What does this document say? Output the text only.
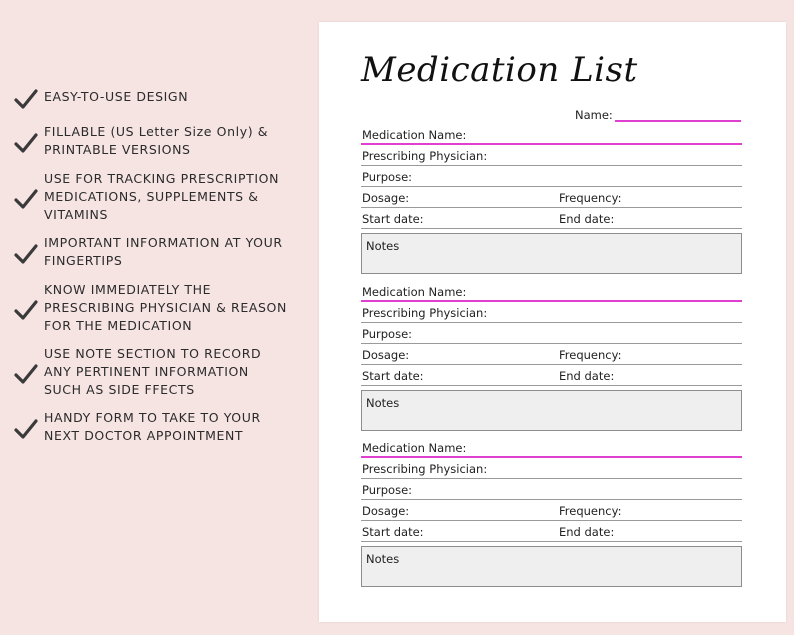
EASY-TO-USE DESIGN
FILLABLE (US Letter Size Only) &
PRINTABLE VERSIONS
USE FOR TRACKING PRESCRIPTION
MEDICATIONS, SUPPLEMENTS &
VITAMINS
IMPORTANT INFORMATION AT YOUR
FINGERTIPS
KNOW IMMEDIATELY THE
PRESCRIBING PHYSICIAN & REASON
FOR THE MEDICATION
USE NOTE SECTION TO RECORD
ANY PERTINENT INFORMATION
SUCH AS SIDE FFECTS
HANDY FORM TO TAKE TO YOUR
NEXT DOCTOR APPOINTMENT
Medication List
Name:
Medication Name:
Prescribing Physician:
Purpose:
Dosage:	Frequency:
Start date:	End date:
Notes
Medication Name:
Prescribing Physician:
Purpose:
Dosage:	Frequency:
Start date:	End date:
Notes
Medication Name:
Prescribing Physician:
Purpose:
Dosage:	Frequency:
Start date:	End date:
Notes
